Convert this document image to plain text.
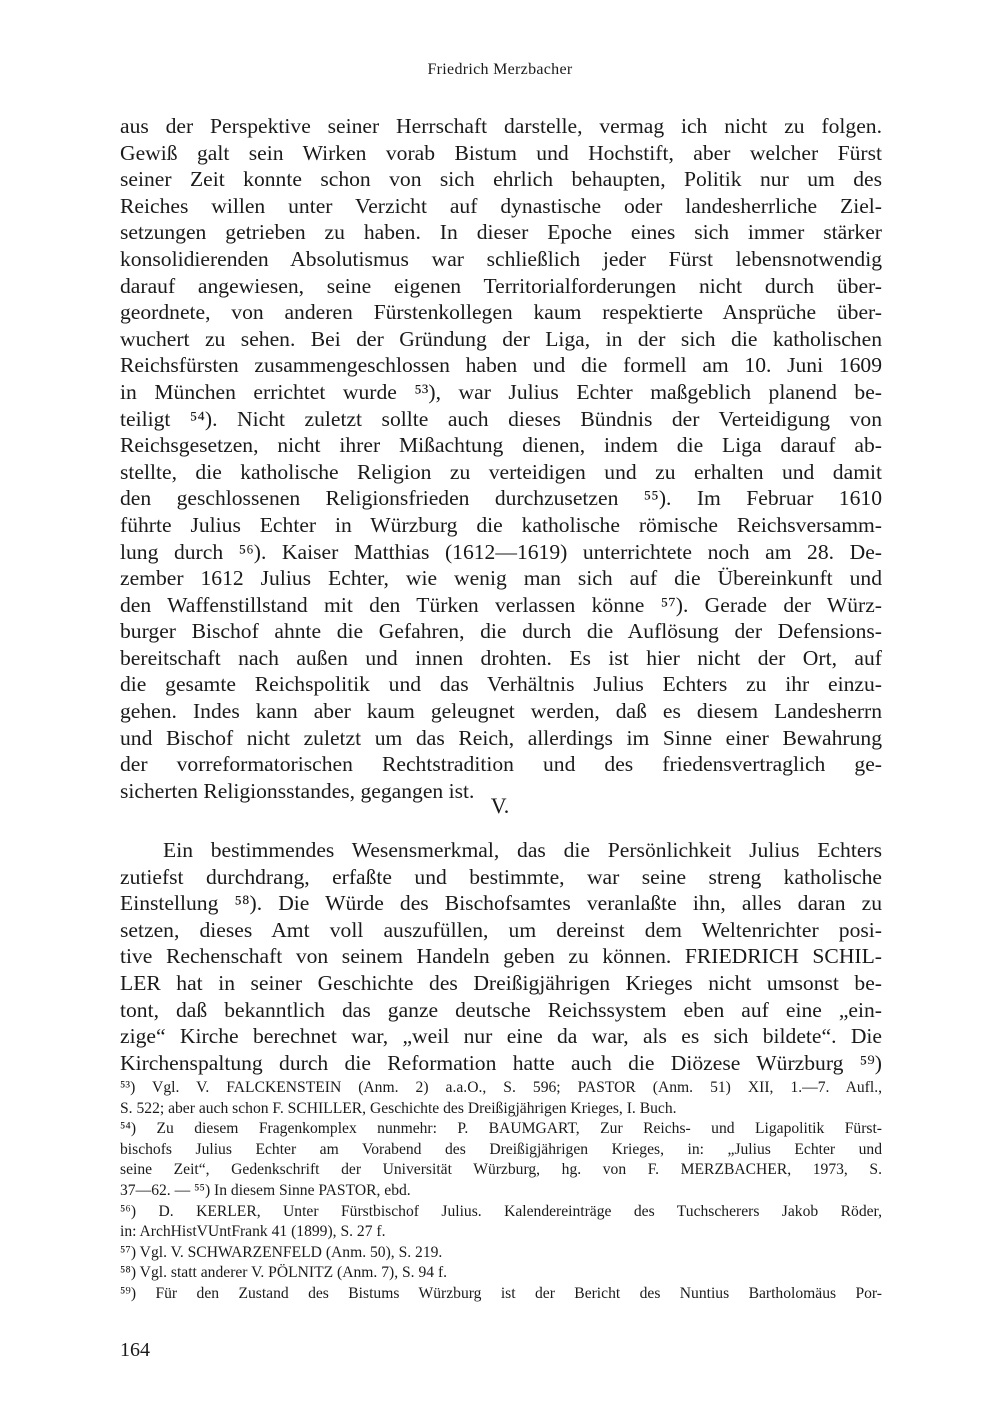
Friedrich Merzbacher
aus der Perspektive seiner Herrschaft darstelle, vermag ich nicht zu folgen.
Gewiß galt sein Wirken vorab Bistum und Hochstift, aber welcher Fürst
seiner Zeit konnte schon von sich ehrlich behaupten, Politik nur um des
Reiches willen unter Verzicht auf dynastische oder landesherrliche Ziel-
setzungen getrieben zu haben. In dieser Epoche eines sich immer stärker
konsolidierenden Absolutismus war schließlich jeder Fürst lebensnotwendig
darauf angewiesen, seine eigenen Territorialforderungen nicht durch über-
geordnete, von anderen Fürstenkollegen kaum respektierte Ansprüche über-
wuchert zu sehen. Bei der Gründung der Liga, in der sich die katholischen
Reichsfürsten zusammengeschlossen haben und die formell am 10. Juni 1609
in München errichtet wurde ⁵³), war Julius Echter maßgeblich planend be-
teiligt ⁵⁴). Nicht zuletzt sollte auch dieses Bündnis der Verteidigung von
Reichsgesetzen, nicht ihrer Mißachtung dienen, indem die Liga darauf ab-
stellte, die katholische Religion zu verteidigen und zu erhalten und damit
den geschlossenen Religionsfrieden durchzusetzen ⁵⁵). Im Februar 1610
führte Julius Echter in Würzburg die katholische römische Reichsversamm-
lung durch ⁵⁶). Kaiser Matthias (1612—1619) unterrichtete noch am 28. De-
zember 1612 Julius Echter, wie wenig man sich auf die Übereinkunft und
den Waffenstillstand mit den Türken verlassen könne ⁵⁷). Gerade der Würz-
burger Bischof ahnte die Gefahren, die durch die Auflösung der Defensions-
bereitschaft nach außen und innen drohten. Es ist hier nicht der Ort, auf
die gesamte Reichspolitik und das Verhältnis Julius Echters zu ihr einzu-
gehen. Indes kann aber kaum geleugnet werden, daß es diesem Landesherrn
und Bischof nicht zuletzt um das Reich, allerdings im Sinne einer Bewahrung
der vorreformatorischen Rechtstradition und des friedensvertraglich ge-
sicherten Religionsstandes, gegangen ist.
V.
Ein bestimmendes Wesensmerkmal, das die Persönlichkeit Julius Echters
zutiefst durchdrang, erfaßte und bestimmte, war seine streng katholische
Einstellung ⁵⁸). Die Würde des Bischofsamtes veranlaßte ihn, alles daran zu
setzen, dieses Amt voll auszufüllen, um dereinst dem Weltenrichter posi-
tive Rechenschaft von seinem Handeln geben zu können. FRIEDRICH SCHIL-
LER hat in seiner Geschichte des Dreißigjährigen Krieges nicht umsonst be-
tont, daß bekanntlich das ganze deutsche Reichssystem eben auf eine „ein-
zige“ Kirche berechnet war, „weil nur eine da war, als es sich bildete“. Die
Kirchenspaltung durch die Reformation hatte auch die Diözese Würzburg ⁵⁹)
⁵³) Vgl. V. FALCKENSTEIN (Anm. 2) a.a.O., S. 596; PASTOR (Anm. 51) XII, 1.—7. Aufl.,
S. 522; aber auch schon F. SCHILLER, Geschichte des Dreißigjährigen Krieges, I. Buch.
⁵⁴) Zu diesem Fragenkomplex nunmehr: P. BAUMGART, Zur Reichs- und Ligapolitik Fürst-
bischofs Julius Echter am Vorabend des Dreißigjährigen Krieges, in: „Julius Echter und
seine Zeit“, Gedenkschrift der Universität Würzburg, hg. von F. MERZBACHER, 1973, S.
37—62. — ⁵⁵) In diesem Sinne PASTOR, ebd.
⁵⁶) D. KERLER, Unter Fürstbischof Julius. Kalendereinträge des Tuchscherers Jakob Röder,
in: ArchHistVUntFrank 41 (1899), S. 27 f.
⁵⁷) Vgl. V. SCHWARZENFELD (Anm. 50), S. 219.
⁵⁸) Vgl. statt anderer V. PÖLNITZ (Anm. 7), S. 94 f.
⁵⁹) Für den Zustand des Bistums Würzburg ist der Bericht des Nuntius Bartholomäus Por-
164
